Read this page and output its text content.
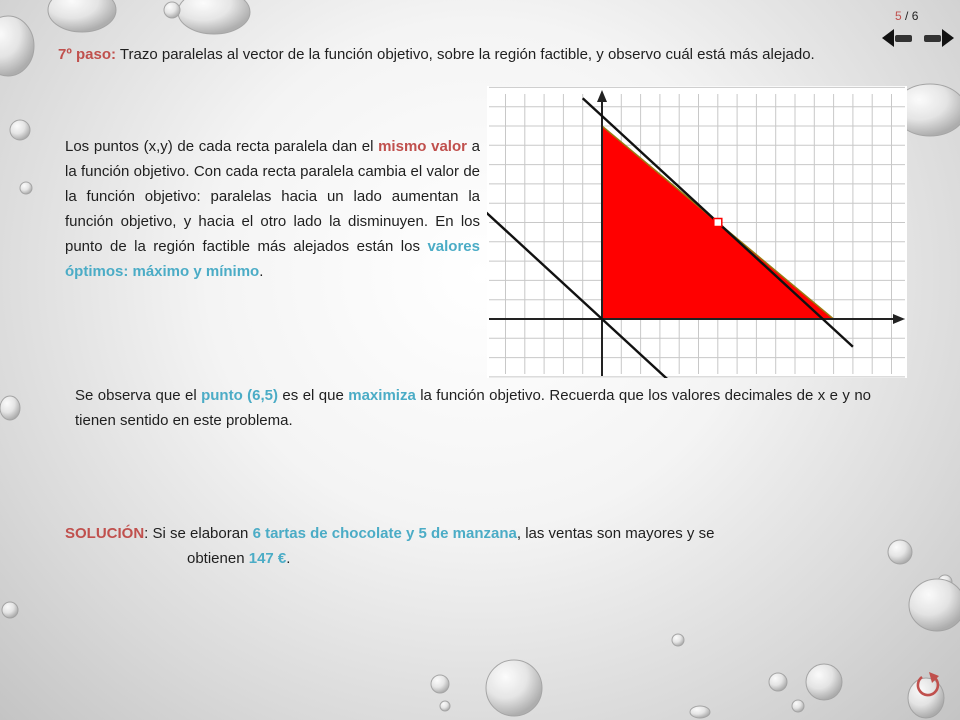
5 / 6
7º paso: Trazo paralelas al vector de la función objetivo, sobre la región factible, y observo cuál está más alejado.
Los puntos (x,y) de cada recta paralela dan el mismo valor a la función objetivo. Con cada recta paralela cambia el valor de la función objetivo: paralelas hacia un lado aumentan la función objetivo, y hacia el otro lado la disminuyen. En los punto de la región factible más alejados están los valores óptimos: máximo y mínimo.
Se observa que el punto (6,5) es el que maximiza la función objetivo. Recuerda que los valores decimales de x e y no tienen sentido en este problema.
SOLUCIÓN: Si se elaboran 6 tartas de chocolate y 5 de manzana, las ventas son mayores y se
obtienen 147 €.
